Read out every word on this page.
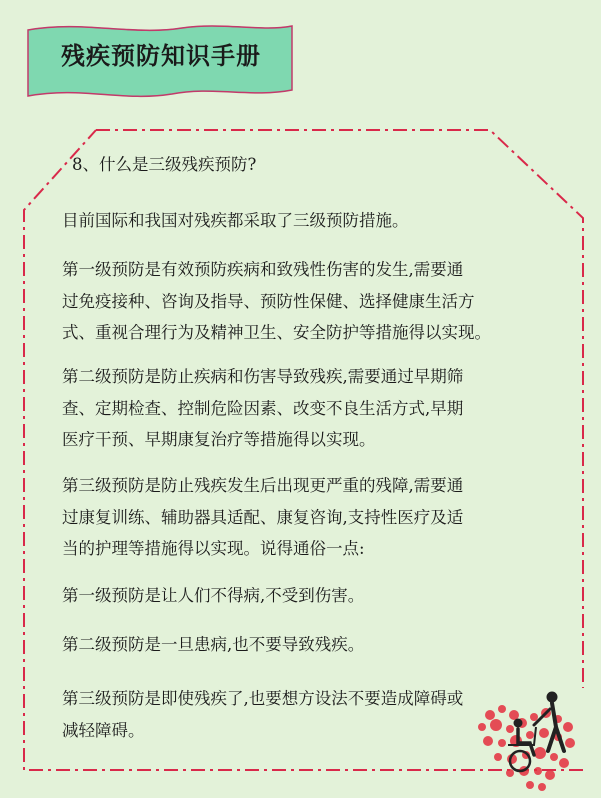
残疾预防知识手册
8、什么是三级残疾预防?
目前国际和我国对残疾都采取了三级预防措施。
第一级预防是有效预防疾病和致残性伤害的发生,需要通
过免疫接种、咨询及指导、预防性保健、选择健康生活方
式、重视合理行为及精神卫生、安全防护等措施得以实现。
第二级预防是防止疾病和伤害导致残疾,需要通过早期筛
查、定期检查、控制危险因素、改变不良生活方式,早期
医疗干预、早期康复治疗等措施得以实现。
第三级预防是防止残疾发生后出现更严重的残障,需要通
过康复训练、辅助器具适配、康复咨询,支持性医疗及适
当的护理等措施得以实现。说得通俗一点:
第一级预防是让人们不得病,不受到伤害。
第二级预防是一旦患病,也不要导致残疾。
第三级预防是即使残疾了,也要想方设法不要造成障碍或
减轻障碍。
